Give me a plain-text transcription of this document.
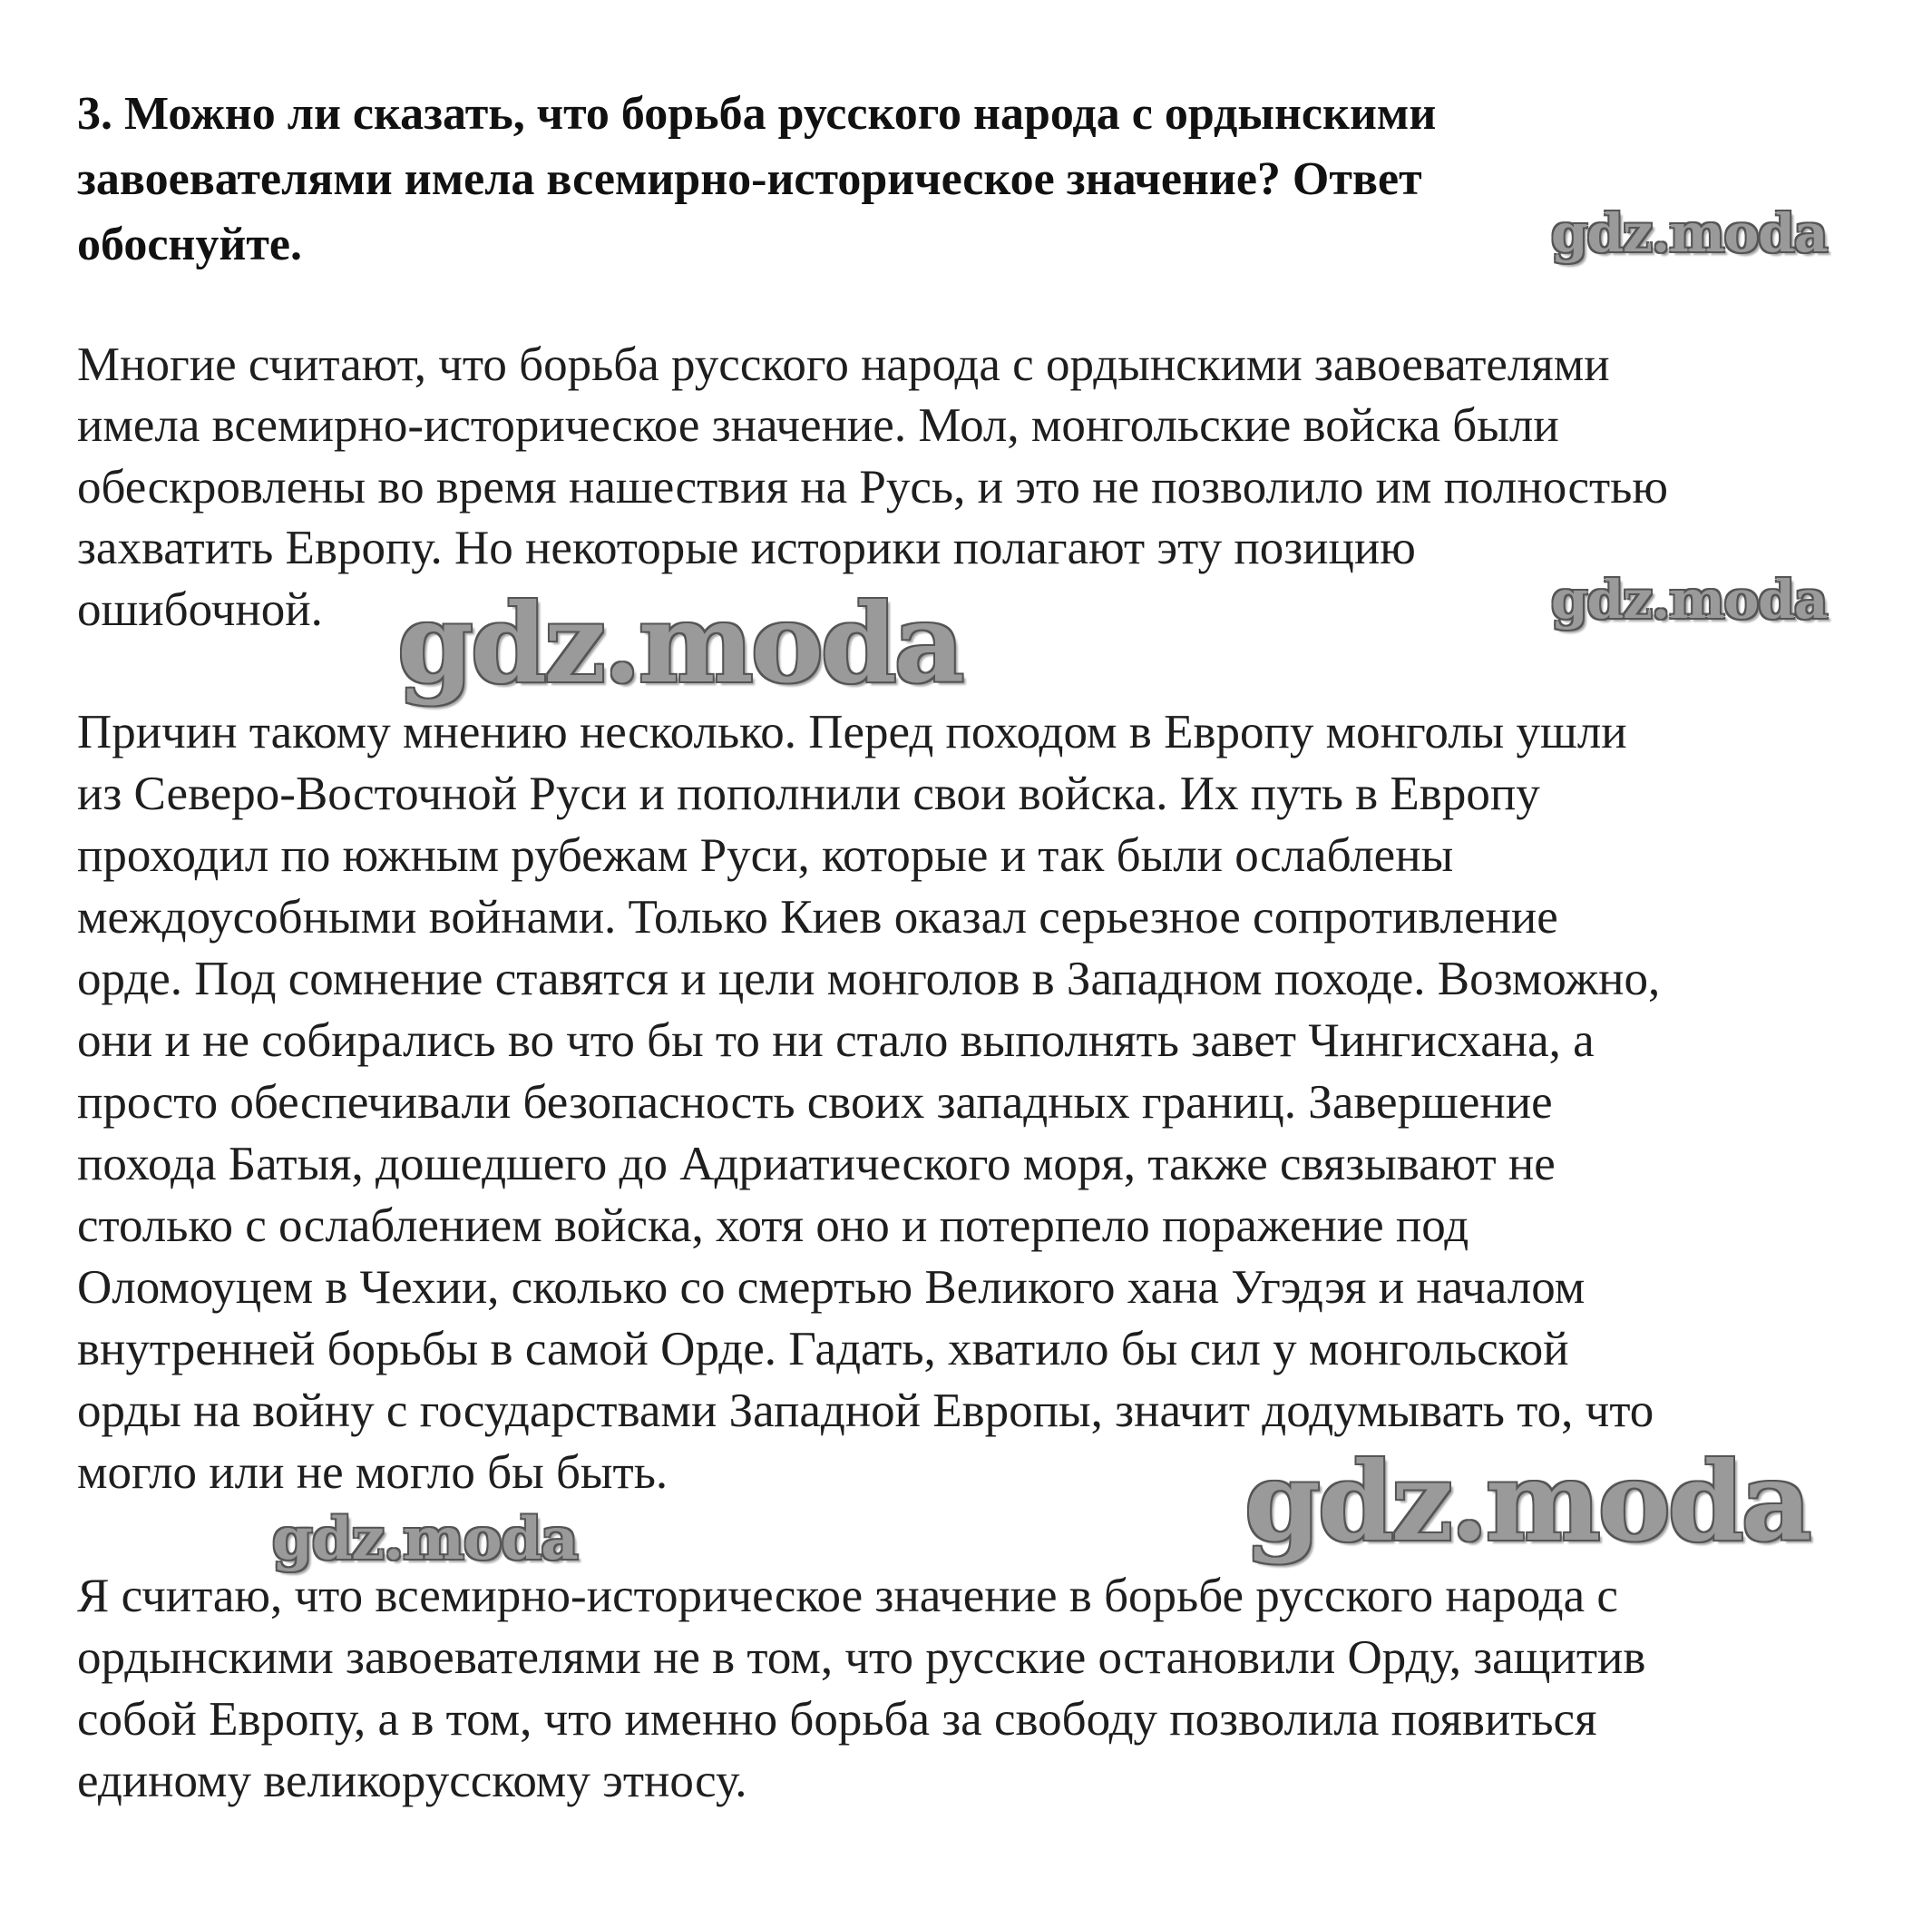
3. Можно ли сказать, что борьба русского народа с ордынскими
завоевателями имела всемирно-историческое значение? Ответ
обоснуйте.
Многие считают, что борьба русского народа с ордынскими завоевателями
имела всемирно-историческое значение. Мол, монгольские войска были
обескровлены во время нашествия на Русь, и это не позволило им полностью
захватить Европу. Но некоторые историки полагают эту позицию
ошибочной.
Причин такому мнению несколько. Перед походом в Европу монголы ушли
из Северо-Восточной Руси и пополнили свои войска. Их путь в Европу
проходил по южным рубежам Руси, которые и так были ослаблены
междоусобными войнами. Только Киев оказал серьезное сопротивление
орде. Под сомнение ставятся и цели монголов в Западном походе. Возможно,
они и не собирались во что бы то ни стало выполнять завет Чингисхана, а
просто обеспечивали безопасность своих западных границ. Завершение
похода Батыя, дошедшего до Адриатического моря, также связывают не
столько с ослаблением войска, хотя оно и потерпело поражение под
Оломоуцем в Чехии, сколько со смертью Великого хана Угэдэя и началом
внутренней борьбы в самой Орде. Гадать, хватило бы сил у монгольской
орды на войну с государствами Западной Европы, значит додумывать то, что
могло или не могло бы быть.
Я считаю, что всемирно-историческое значение в борьбе русского народа с
ордынскими завоевателями не в том, что русские остановили Орду, защитив
собой Европу, а в том, что именно борьба за свободу позволила появиться
единому великорусскому этносу.
gdz.moda
gdz.moda
gdz.moda
gdz.moda
gdz.moda
